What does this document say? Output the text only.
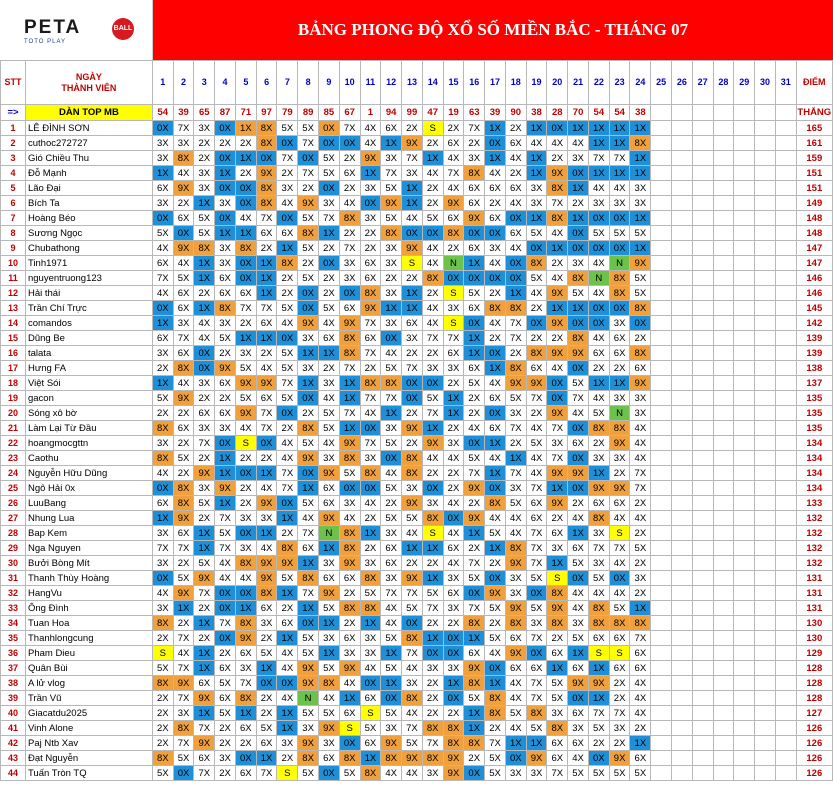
PETA	BALL
TOTO PLAY
BẢNG PHONG ĐỘ XỔ SỐ MIỀN BẮC - THÁNG 07
STT	NGÀY
THÀNH VIÊN	1	2	3	4	5	6	7	8	9	10	11	12	13	14	15	16	17	18	19	20	21	22	23	24	25	26	27	28	29	30	31	ĐIỂM
=>	DÀN TOP MB	54	39	65	87	71	97	79	89	85	67	1	94	99	47	19	63	39	90	38	28	70	54	54	38								THẮNG
1	LÊ ĐÌNH SƠN	0X	7X	3X	0X	1X	8X	5X	5X	0X	7X	4X	6X	2X	S	2X	7X	1X	2X	1X	0X	1X	1X	1X	1X								165
2	cuthoc272727	3X	3X	2X	2X	2X	8X	0X	7X	0X	0X	4X	1X	9X	2X	6X	2X	0X	6X	4X	4X	4X	1X	1X	8X								161
3	Gió Chiều Thu	3X	8X	2X	0X	1X	0X	7X	0X	5X	2X	9X	3X	7X	1X	4X	3X	1X	4X	1X	2X	3X	7X	7X	1X								159
4	Đỗ Mạnh	1X	4X	3X	1X	2X	9X	2X	7X	5X	6X	1X	7X	3X	4X	7X	8X	4X	2X	1X	9X	0X	1X	1X	1X								151
5	Lão Đại	6X	9X	3X	0X	0X	8X	3X	2X	0X	2X	3X	5X	1X	2X	4X	6X	6X	6X	3X	8X	1X	4X	4X	3X								151
6	Bích Ta	3X	2X	1X	3X	0X	8X	4X	9X	3X	4X	0X	9X	1X	2X	9X	6X	2X	4X	3X	7X	2X	3X	3X	3X								149
7	Hoàng Béo	0X	6X	5X	0X	4X	7X	0X	5X	7X	8X	3X	5X	4X	5X	6X	9X	6X	0X	1X	8X	1X	0X	0X	1X								148
8	Sương Ngọc	5X	0X	5X	1X	1X	6X	6X	8X	1X	2X	2X	8X	0X	0X	8X	0X	0X	6X	5X	4X	0X	5X	5X	5X								148
9	Chubathong	4X	9X	8X	3X	8X	2X	1X	5X	2X	7X	2X	3X	9X	4X	2X	6X	3X	4X	0X	1X	0X	0X	0X	1X								147
10	Tinh1971	6X	4X	1X	3X	0X	1X	8X	2X	0X	3X	6X	3X	S	4X	N	1X	4X	0X	8X	2X	3X	4X	N	9X								147
11	nguyentruong123	7X	5X	1X	6X	0X	1X	2X	5X	2X	3X	6X	2X	2X	8X	0X	0X	0X	0X	5X	4X	8X	N	8X	5X								146
12	Hải thái	4X	6X	2X	6X	6X	1X	2X	0X	2X	0X	8X	3X	1X	2X	S	5X	2X	1X	4X	9X	5X	4X	8X	5X								146
13	Trần Chí Trực	0X	6X	1X	8X	7X	7X	5X	0X	5X	6X	9X	1X	1X	4X	3X	6X	8X	8X	2X	1X	1X	0X	0X	8X								145
14	comandos	1X	3X	4X	3X	2X	6X	4X	9X	4X	9X	7X	3X	6X	4X	S	0X	4X	7X	0X	9X	0X	0X	3X	0X								142
15	Dũng Be	6X	7X	4X	5X	1X	1X	0X	3X	6X	8X	6X	0X	3X	7X	7X	1X	2X	7X	2X	2X	8X	4X	6X	2X								139
16	talata	3X	6X	0X	2X	3X	2X	5X	1X	1X	8X	7X	4X	2X	2X	6X	1X	0X	2X	8X	9X	9X	6X	6X	8X								139
17	Hưng FA	2X	8X	0X	9X	5X	4X	5X	3X	2X	7X	2X	5X	7X	3X	3X	6X	1X	8X	6X	4X	0X	2X	2X	6X								138
18	Việt Sói	1X	4X	3X	6X	9X	9X	7X	1X	3X	1X	8X	8X	0X	0X	2X	5X	4X	9X	9X	0X	5X	1X	1X	9X								137
19	gacon	5X	9X	2X	2X	5X	6X	5X	0X	4X	1X	7X	7X	0X	5X	1X	2X	6X	5X	7X	0X	7X	4X	3X	3X								135
20	Sóng xô bờ	2X	2X	6X	6X	9X	7X	0X	2X	5X	7X	4X	1X	2X	7X	1X	2X	0X	3X	2X	9X	4X	5X	N	3X								135
21	Làm Lại Từ Đầu	8X	6X	3X	3X	4X	7X	2X	8X	5X	1X	0X	3X	9X	1X	2X	4X	6X	7X	4X	7X	0X	8X	8X	4X								135
22	hoangmocgttn	3X	2X	7X	0X	S	0X	4X	5X	4X	9X	7X	5X	2X	9X	3X	0X	1X	2X	5X	3X	6X	2X	9X	4X								134
23	Caothu	8X	5X	2X	1X	2X	2X	4X	9X	3X	8X	3X	0X	8X	4X	4X	5X	4X	1X	4X	7X	0X	3X	3X	4X								134
24	Nguyễn Hữu Dũng	4X	2X	9X	1X	0X	1X	7X	0X	9X	5X	8X	4X	8X	2X	2X	7X	1X	7X	4X	9X	9X	1X	2X	7X								134
25	Ngô Hải 0x	0X	8X	3X	9X	2X	4X	7X	1X	6X	0X	0X	5X	3X	0X	2X	9X	0X	3X	7X	1X	0X	9X	9X	7X								134
26	LuuBang	6X	8X	5X	1X	2X	9X	0X	5X	6X	3X	4X	2X	9X	3X	4X	2X	8X	5X	6X	9X	2X	6X	6X	2X								133
27	Nhung Lua	1X	9X	2X	7X	3X	3X	1X	4X	9X	4X	2X	5X	5X	8X	0X	9X	4X	4X	6X	2X	4X	8X	4X	4X								132
28	Bap Kem	3X	6X	1X	5X	0X	1X	2X	7X	N	8X	1X	3X	4X	S	4X	1X	5X	4X	7X	6X	1X	3X	S	2X								132
29	Nga Nguyen	7X	7X	1X	7X	3X	4X	8X	6X	1X	8X	2X	6X	1X	1X	6X	2X	1X	8X	7X	3X	6X	7X	7X	5X								132
30	Bưởi Bòng Mít	3X	2X	5X	4X	8X	9X	9X	1X	3X	9X	3X	6X	2X	2X	4X	7X	2X	9X	7X	1X	5X	3X	4X	2X								132
31	Thanh Thùy Hoàng	0X	5X	9X	4X	4X	9X	5X	8X	6X	6X	8X	3X	9X	1X	3X	5X	0X	3X	5X	S	0X	5X	0X	3X								131
32	HangVu	4X	9X	7X	0X	0X	8X	1X	7X	9X	2X	5X	7X	7X	5X	6X	0X	9X	3X	0X	8X	4X	4X	4X	2X								131
33	Ông Đình	3X	1X	2X	0X	1X	6X	2X	1X	5X	8X	8X	4X	5X	7X	3X	7X	5X	9X	5X	9X	4X	8X	5X	1X								131
34	Tuan Hoa	8X	2X	1X	7X	8X	3X	6X	0X	1X	2X	1X	4X	0X	2X	2X	8X	2X	8X	3X	8X	3X	8X	8X	8X								130
35	Thanhlongcung	2X	7X	2X	0X	9X	2X	1X	5X	3X	6X	3X	5X	8X	1X	0X	1X	5X	6X	7X	2X	5X	6X	6X	7X								130
36	Pham Dieu	S	4X	1X	2X	6X	5X	4X	5X	1X	3X	3X	1X	7X	0X	0X	6X	4X	9X	0X	6X	1X	S	S	6X								129
37	Quân Bùi	5X	7X	1X	6X	3X	1X	4X	9X	5X	9X	4X	5X	4X	3X	3X	9X	0X	6X	6X	1X	6X	1X	6X	6X								128
38	A lử vlog	8X	9X	6X	5X	7X	0X	0X	9X	8X	4X	0X	1X	3X	2X	1X	8X	1X	4X	7X	5X	9X	9X	2X	4X								128
39	Trần Vũ	2X	7X	9X	6X	8X	2X	4X	N	4X	1X	6X	0X	8X	2X	0X	5X	8X	4X	7X	5X	0X	1X	2X	4X								128
40	Giacatdu2025	2X	3X	1X	5X	1X	2X	1X	5X	5X	6X	S	5X	4X	2X	2X	1X	8X	5X	8X	3X	6X	7X	7X	4X								127
41	Vinh Alone	2X	8X	7X	2X	6X	5X	1X	3X	9X	S	5X	3X	7X	8X	8X	1X	2X	4X	5X	8X	3X	5X	3X	2X								126
42	Paj Ntb Xav	2X	7X	9X	2X	2X	6X	3X	9X	3X	0X	6X	9X	5X	7X	8X	8X	7X	1X	1X	6X	6X	2X	2X	1X								126
43	Đạt Nguyễn	8X	5X	6X	3X	0X	1X	2X	8X	6X	8X	1X	8X	9X	8X	9X	2X	5X	0X	9X	6X	4X	0X	9X	6X								126
44	Tuấn Tròn TQ	5X	0X	7X	2X	6X	7X	S	5X	0X	5X	8X	4X	4X	3X	9X	0X	5X	3X	3X	7X	5X	5X	5X	5X								126
